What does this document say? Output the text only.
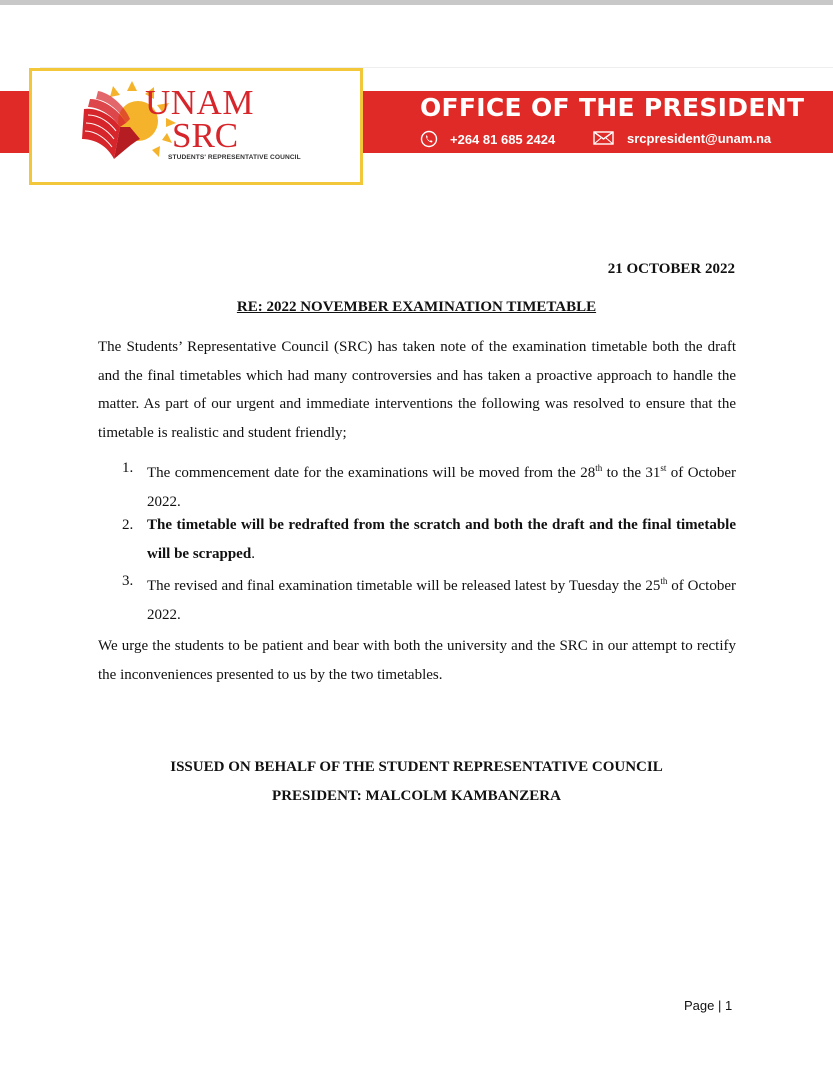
UNAM
SRC
STUDENTS' REPRESENTATIVE COUNCIL
OFFICE OF THE PRESIDENT
+264 81 685 2424	srcpresident@unam.na
21 OCTOBER 2022
RE: 2022 NOVEMBER EXAMINATION TIMETABLE

The Students’ Representative Council (SRC) has taken note of the examination timetable both the draft and the final timetables which had many controversies and has taken a proactive approach to handle the matter. As part of our urgent and immediate interventions the following was resolved to ensure that the timetable is realistic and student friendly;

1. The commencement date for the examinations will be moved from the 28th to the 31st of October 2022.
2. The timetable will be redrafted from the scratch and both the draft and the final timetable will be scrapped.
3. The revised and final examination timetable will be released latest by Tuesday the 25th of October 2022.

We urge the students to be patient and bear with both the university and the SRC in our attempt to rectify the inconveniences presented to us by the two timetables.

ISSUED ON BEHALF OF THE STUDENT REPRESENTATIVE COUNCIL
PRESIDENT: MALCOLM KAMBANZERA
Page | 1
